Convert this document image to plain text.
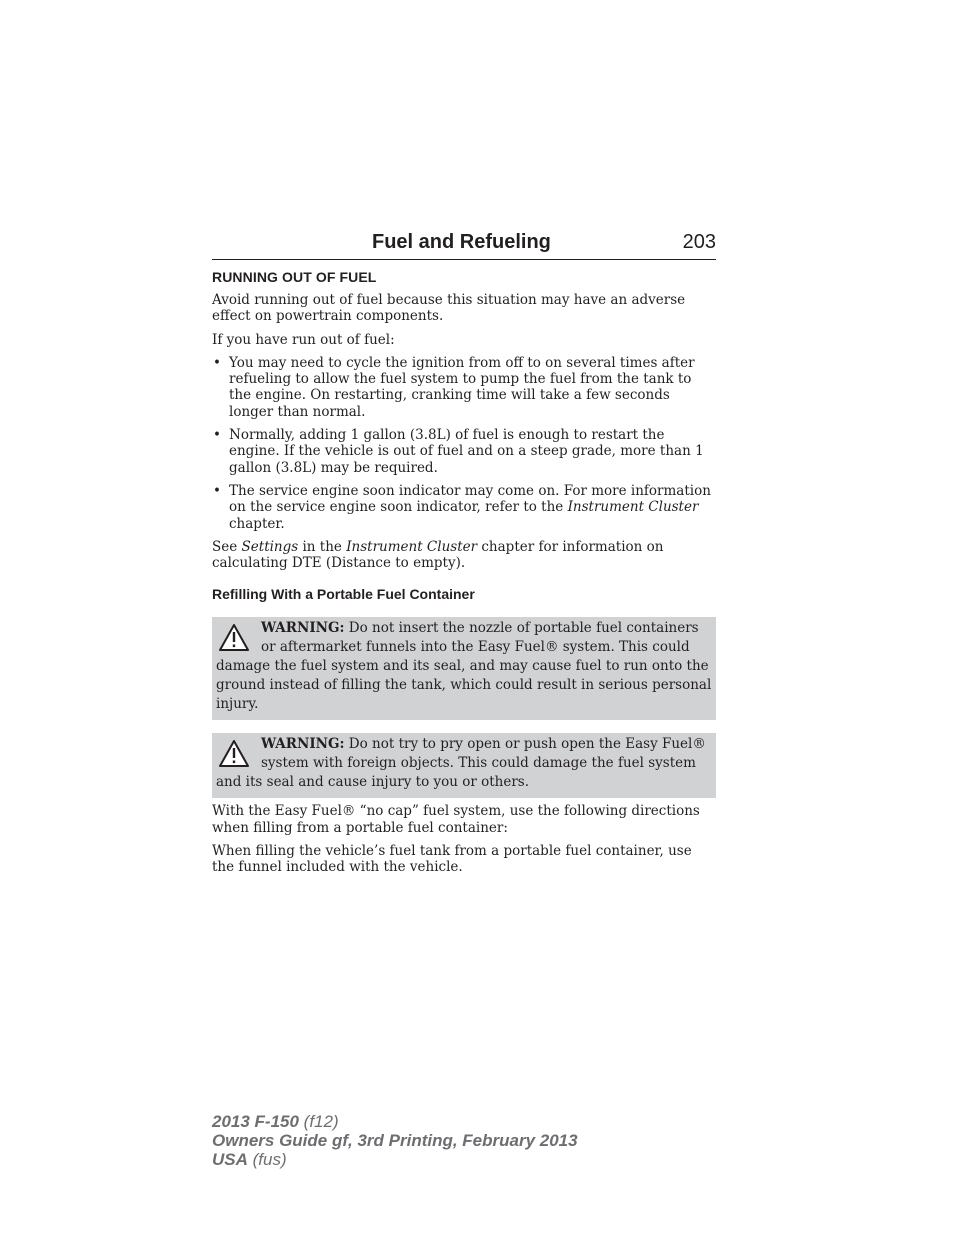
Fuel and Refueling	203
RUNNING OUT OF FUEL

Avoid running out of fuel because this situation may have an adverse effect on powertrain components.

If you have run out of fuel:

• You may need to cycle the ignition from off to on several times after refueling to allow the fuel system to pump the fuel from the tank to the engine. On restarting, cranking time will take a few seconds longer than normal.
• Normally, adding 1 gallon (3.8L) of fuel is enough to restart the engine. If the vehicle is out of fuel and on a steep grade, more than 1 gallon (3.8L) may be required.
• The service engine soon indicator may come on. For more information on the service engine soon indicator, refer to the Instrument Cluster chapter.

See Settings in the Instrument Cluster chapter for information on calculating DTE (Distance to empty).

Refilling With a Portable Fuel Container
WARNING: Do not insert the nozzle of portable fuel containers or aftermarket funnels into the Easy Fuel® system. This could damage the fuel system and its seal, and may cause fuel to run onto the ground instead of filling the tank, which could result in serious personal injury.
WARNING: Do not try to pry open or push open the Easy Fuel® system with foreign objects. This could damage the fuel system and its seal and cause injury to you or others.

With the Easy Fuel® “no cap” fuel system, use the following directions when filling from a portable fuel container:

When filling the vehicle’s fuel tank from a portable fuel container, use the funnel included with the vehicle.

2013 F-150 (f12)
Owners Guide gf, 3rd Printing, February 2013
USA (fus)
